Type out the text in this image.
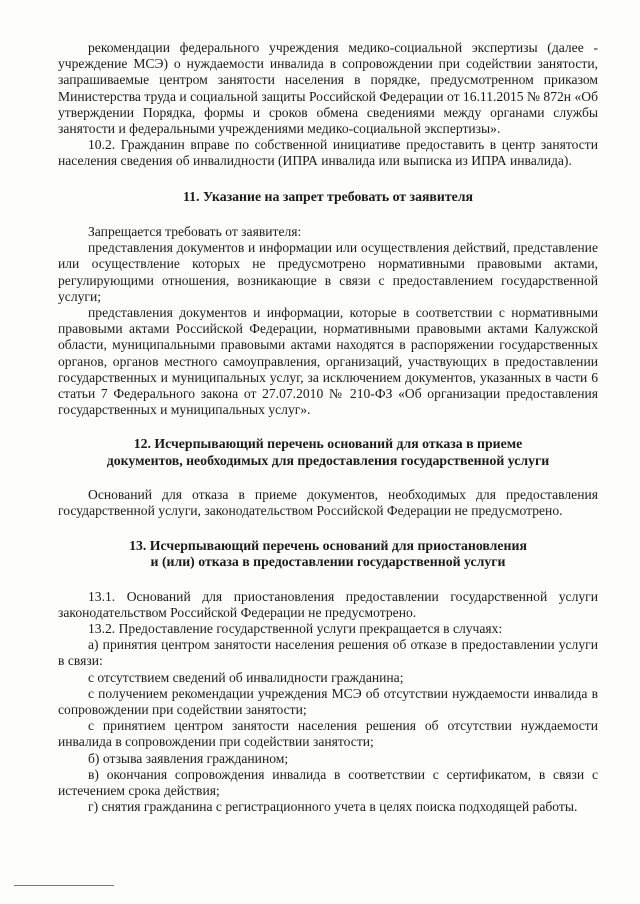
рекомендации федерального учреждения медико-социальной экспертизы (далее - учреждение МСЭ) о нуждаемости инвалида в сопровождении при содействии занятости, запрашиваемые центром занятости населения в порядке, предусмотренном приказом Министерства труда и социальной защиты Российской Федерации от 16.11.2015 № 872н «Об утверждении Порядка, формы и сроков обмена сведениями между органами службы занятости и федеральными учреждениями медико-социальной экспертизы».

10.2. Гражданин вправе по собственной инициативе предоставить в центр занятости населения сведения об инвалидности (ИПРА инвалида или выписка из ИПРА инвалида).

11. Указание на запрет требовать от заявителя

Запрещается требовать от заявителя:

представления документов и информации или осуществления действий, представление или осуществление которых не предусмотрено нормативными правовыми актами, регулирующими отношения, возникающие в связи с предоставлением государственной услуги;

представления документов и информации, которые в соответствии с нормативными правовыми актами Российской Федерации, нормативными правовыми актами Калужской области, муниципальными правовыми актами находятся в распоряжении государственных органов, органов местного самоуправления, организаций, участвующих в предоставлении государственных и муниципальных услуг, за исключением документов, указанных в части 6 статьи 7 Федерального закона от 27.07.2010 № 210-ФЗ «Об организации предоставления государственных и муниципальных услуг».

12. Исчерпывающий перечень оснований для отказа в приеме
документов, необходимых для предоставления государственной услуги

Оснований для отказа в приеме документов, необходимых для предоставления государственной услуги, законодательством Российской Федерации не предусмотрено.

13. Исчерпывающий перечень оснований для приостановления
и (или) отказа в предоставлении государственной услуги

13.1. Оснований для приостановления предоставлении государственной услуги законодательством Российской Федерации не предусмотрено.

13.2. Предоставление государственной услуги прекращается в случаях:

а) принятия центром занятости населения решения об отказе в предоставлении услуги в связи:

с отсутствием сведений об инвалидности гражданина;

с получением рекомендации учреждения МСЭ об отсутствии нуждаемости инвалида в сопровождении при содействии занятости;

с принятием центром занятости населения решения об отсутствии нуждаемости инвалида в сопровождении при содействии занятости;

б) отзыва заявления гражданином;

в) окончания сопровождения инвалида в соответствии с сертификатом, в связи с истечением срока действия;

г) снятия гражданина с регистрационного учета в целях поиска подходящей работы.
